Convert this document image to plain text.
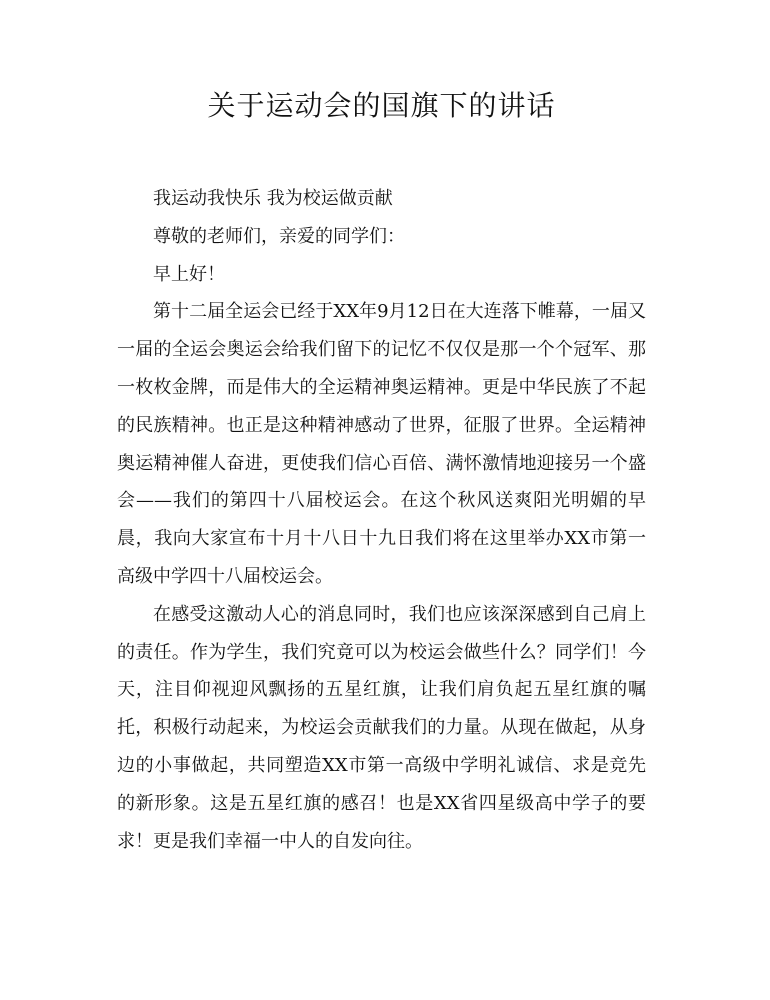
关于运动会的国旗下的讲话

我运动我快乐 我为校运做贡献

尊敬的老师们，亲爱的同学们：

早上好！

第十二届全运会已经于XX年9月12日在大连落下帷幕，一届又一届的全运会奥运会给我们留下的记忆不仅仅是那一个个冠军、那一枚枚金牌，而是伟大的全运精神奥运精神。更是中华民族了不起的民族精神。也正是这种精神感动了世界，征服了世界。全运精神奥运精神催人奋进，更使我们信心百倍、满怀激情地迎接另一个盛会——我们的第四十八届校运会。在这个秋风送爽阳光明媚的早晨，我向大家宣布十月十八日十九日我们将在这里举办XX市第一高级中学四十八届校运会。

在感受这激动人心的消息同时，我们也应该深深感到自己肩上的责任。作为学生，我们究竟可以为校运会做些什么？同学们！今天，注目仰视迎风飘扬的五星红旗，让我们肩负起五星红旗的嘱托，积极行动起来，为校运会贡献我们的力量。从现在做起，从身边的小事做起，共同塑造XX市第一高级中学明礼诚信、求是竞先的新形象。这是五星红旗的感召！也是XX省四星级高中学子的要求！更是我们幸福一中人的自发向往。
